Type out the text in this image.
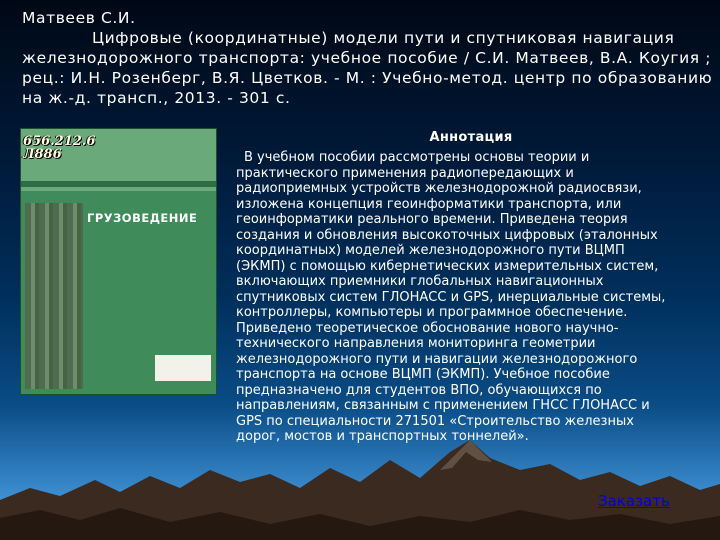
Матвеев С.И.
Цифровые (координатные) модели пути и спутниковая навигация
железнодорожного транспорта: учебное пособие / С.И. Матвеев, В.А. Коугия ;
рец.: И.Н. Розенберг, В.Я. Цветков. - М. : Учебно-метод. центр по образованию
на ж.-д. трансп., 2013. - 301 с.
656.212.6
Л886
ГРУЗОВЕДЕНИЕ
Аннотация
В учебном пособии рассмотрены основы теории и
практического применения радиопередающих и
радиоприемных устройств железнодорожной радиосвязи,
изложена концепция геоинформатики транспорта, или
геоинформатики реального времени. Приведена теория
создания и обновления высокоточных цифровых (эталонных
координатных) моделей железнодорожного пути ВЦМП
(ЭКМП) с помощью кибернетических измерительных систем,
включающих приемники глобальных навигационных
спутниковых систем ГЛОНАСС и GPS, инерциальные системы,
контроллеры, компьютеры и программное обеспечение.
Приведено теоретическое обоснование нового научно-
технического направления мониторинга геометрии
железнодорожного пути и навигации железнодорожного
транспорта на основе ВЦМП (ЭКМП). Учебное пособие
предназначено для студентов ВПО, обучающихся по
направлениям, связанным с применением ГНСС ГЛОНАСС и
GPS по специальности 271501 «Строительство железных
дорог, мостов и транспортных тоннелей».
Заказать
